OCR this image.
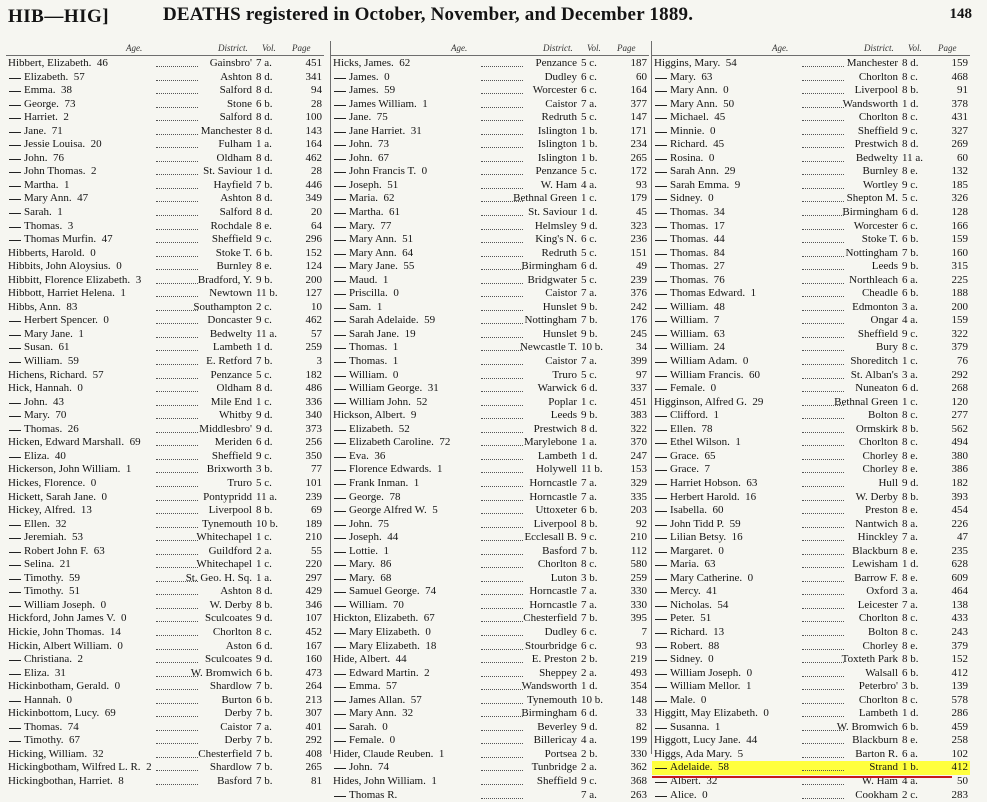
HIB—HIG]	DEATHS registered in October, November, and December 1889.	148
Age.	District. Vol. Page
Hibbert, Elizabeth. 46	Gainsbro' 7 a.	451
Elizabeth. 57	Ashton 8 d.	341
Emma. 38	Salford 8 d.	94
George. 73	Stone 6 b.	28
Harriet. 2	Salford 8 d.	100
Jane. 71	Manchester 8 d.	143
Jessie Louisa. 20	Fulham 1 a.	164
John. 76	Oldham 8 d.	462
John Thomas. 2	St. Saviour 1 d.	28
Martha. 1	Hayfield 7 b.	446
Mary Ann. 47	Ashton 8 d.	349
Sarah. 1	Salford 8 d.	20
Thomas. 3	Rochdale 8 e.	64
Thomas Murfin. 47	Sheffield 9 c.	296
Hibberts, Harold. 0	Stoke T. 6 b.	152
Hibbits, John Aloysius. 0	Burnley 8 e.	124
Hibbitt, Florence Elizabeth. 3	Bradford, Y. 9 b.	200
Hibbott, Harriet Helena. 1	Newtown 11 b.	127
Hibbs, Ann. 83	Southampton 2 c.	10
Herbert Spencer. 0	Doncaster 9 c.	462
Mary Jane. 1	Bedwelty 11 a.	57
Susan. 61	Lambeth 1 d.	259
William. 59	E. Retford 7 b.	3
Hichens, Richard. 57	Penzance 5 c.	182
Hick, Hannah. 0	Oldham 8 d.	486
John. 43	Mile End 1 c.	336
Mary. 70	Whitby 9 d.	340
Thomas. 26	Middlesbro' 9 d.	373
Hicken, Edward Marshall. 69	Meriden 6 d.	256
Eliza. 40	Sheffield 9 c.	350
Hickerson, John William. 1	Brixworth 3 b.	77
Hickes, Florence. 0	Truro 5 c.	101
Hickett, Sarah Jane. 0	Pontypridd 11 a.	239
Hickey, Alfred. 13	Liverpool 8 b.	69
Ellen. 32	Tynemouth 10 b.	189
Jeremiah. 53	Whitechapel 1 c.	210
Robert John F. 63	Guildford 2 a.	55
Selina. 21	Whitechapel 1 c.	220
Timothy. 59	St. Geo. H. Sq. 1 a.	297
Timothy. 51	Ashton 8 d.	429
William Joseph. 0	W. Derby 8 b.	346
Hickford, John James V. 0	Sculcoates 9 d.	107
Hickie, John Thomas. 14	Chorlton 8 c.	452
Hickin, Albert William. 0	Aston 6 d.	167
Christiana. 2	Sculcoates 9 d.	160
Eliza. 31	W. Bromwich 6 b.	473
Hickinbotham, Gerald. 0	Shardlow 7 b.	264
Hannah. 0	Burton 6 b.	213
Hickinbottom, Lucy. 69	Derby 7 b.	307
Thomas. 74	Caistor 7 a.	401
Timothy. 67	Derby 7 b.	292
Hicking, William. 32	Chesterfield 7 b.	408
Hickingbotham, Wilfred L. R. 2	Shardlow 7 b.	265
Hickingbothan, Harriet. 8	Basford 7 b.	81
Age.	District. Vol. Page
Hicks, James. 62	Penzance 5 c.	187
James. 0	Dudley 6 c.	60
James. 59	Worcester 6 c.	164
James William. 1	Caistor 7 a.	377
Jane. 75	Redruth 5 c.	147
Jane Harriet. 31	Islington 1 b.	171
John. 73	Islington 1 b.	234
John. 67	Islington 1 b.	265
John Francis T. 0	Penzance 5 c.	172
Joseph. 51	W. Ham 4 a.	93
Maria. 62	Bethnal Green 1 c.	179
Martha. 61	St. Saviour 1 d.	45
Mary. 77	Helmsley 9 d.	323
Mary Ann. 51	King's N. 6 c.	236
Mary Ann. 64	Redruth 5 c.	151
Mary Jane. 55	Birmingham 6 d.	49
Maud. 1	Bridgwater 5 c.	239
Priscilla. 0	Caistor 7 a.	376
Sam. 1	Hunslet 9 b.	242
Sarah Adelaide. 59	Nottingham 7 b.	176
Sarah Jane. 19	Hunslet 9 b.	245
Thomas. 1	Newcastle T. 10 b.	34
Thomas. 1	Caistor 7 a.	399
William. 0	Truro 5 c.	97
William George. 31	Warwick 6 d.	337
William John. 52	Poplar 1 c.	451
Hickson, Albert. 9	Leeds 9 b.	383
Elizabeth. 52	Prestwich 8 d.	322
Elizabeth Caroline. 72	Marylebone 1 a.	370
Eva. 36	Lambeth 1 d.	247
Florence Edwards. 1	Holywell 11 b.	153
Frank Inman. 1	Horncastle 7 a.	329
George. 78	Horncastle 7 a.	335
George Alfred W. 5	Uttoxeter 6 b.	203
John. 75	Liverpool 8 b.	92
Joseph. 44	Ecclesall B. 9 c.	210
Lottie. 1	Basford 7 b.	112
Mary. 86	Chorlton 8 c.	580
Mary. 68	Luton 3 b.	259
Samuel George. 74	Horncastle 7 a.	330
William. 70	Horncastle 7 a.	330
Hickton, Elizabeth. 67	Chesterfield 7 b.	395
Mary Elizabeth. 0	Dudley 6 c.	7
Mary Elizabeth. 18	Stourbridge 6 c.	93
Hide, Albert. 44	E. Preston 2 b.	219
Edward Martin. 2	Sheppey 2 a.	493
Emma. 57	Wandsworth 1 d.	354
James Allan. 57	Tynemouth 10 b.	148
Mary Ann. 32	Birmingham 6 d.	33
Sarah. 0	Beverley 9 d.	82
Female. 0	Billericay 4 a.	199
Hider, Claude Reuben. 1	Portsea 2 b.	330
John. 74	Tunbridge 2 a.	362
Hides, John William. 1	Sheffield 9 c.	368
Thomas R.	7 a.	263
Age.	District. Vol. Page
Higgins, Mary. 54	Manchester 8 d.	159
Mary. 63	Chorlton 8 c.	468
Mary Ann. 0	Liverpool 8 b.	91
Mary Ann. 50	Wandsworth 1 d.	378
Michael. 45	Chorlton 8 c.	431
Minnie. 0	Sheffield 9 c.	327
Richard. 45	Prestwich 8 d.	269
Rosina. 0	Bedwelty 11 a.	60
Sarah Ann. 29	Burnley 8 e.	132
Sarah Emma. 9	Wortley 9 c.	185
Sidney. 0	Shepton M. 5 c.	326
Thomas. 34	Birmingham 6 d.	128
Thomas. 17	Worcester 6 c.	166
Thomas. 44	Stoke T. 6 b.	159
Thomas. 84	Nottingham 7 b.	160
Thomas. 27	Leeds 9 b.	315
Thomas. 76	Northleach 6 a.	225
Thomas Edward. 1	Cheadle 6 b.	188
William. 48	Edmonton 3 a.	200
William. 7	Ongar 4 a.	159
William. 63	Sheffield 9 c.	322
William. 24	Bury 8 c.	379
William Adam. 0	Shoreditch 1 c.	76
William Francis. 60	St. Alban's 3 a.	292
Female. 0	Nuneaton 6 d.	268
Higginson, Alfred G. 29	Bethnal Green 1 c.	120
Clifford. 1	Bolton 8 c.	277
Ellen. 78	Ormskirk 8 b.	562
Ethel Wilson. 1	Chorlton 8 c.	494
Grace. 65	Chorley 8 e.	380
Grace. 7	Chorley 8 e.	386
Harriet Hobson. 63	Hull 9 d.	182
Herbert Harold. 16	W. Derby 8 b.	393
Isabella. 60	Preston 8 e.	454
John Tidd P. 59	Nantwich 8 a.	226
Lilian Betsy. 16	Hinckley 7 a.	47
Margaret. 0	Blackburn 8 e.	235
Maria. 63	Lewisham 1 d.	628
Mary Catherine. 0	Barrow F. 8 e.	609
Mercy. 41	Oxford 3 a.	464
Nicholas. 54	Leicester 7 a.	138
Peter. 51	Chorlton 8 c.	433
Richard. 13	Bolton 8 c.	243
Robert. 88	Chorley 8 e.	379
Sidney. 0	Toxteth Park 8 b.	152
William Joseph. 0	Walsall 6 b.	412
William Mellor. 1	Peterbro' 3 b.	139
Male. 0	Chorlton 8 c.	578
Higgitt, May Elizabeth. 0	Lambeth 1 d.	286
Susanna. 1	W. Bromwich 6 b.	459
Higgott, Lucy Jane. 44	Blackburn 8 e.	258
Higgs, Ada Mary. 5	Barton R. 6 a.	102
Adelaide. 58	Strand 1 b.	412
Albert. 32	W. Ham 4 a.	50
Alice. 0	Cookham 2 c.	283
